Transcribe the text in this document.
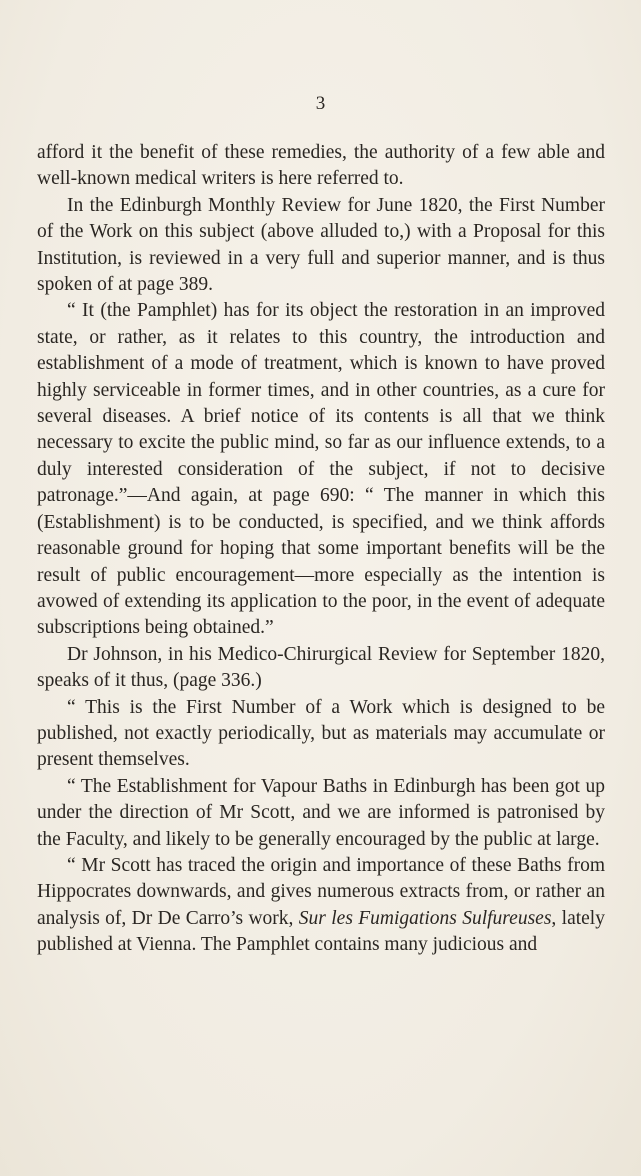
3

afford it the benefit of these remedies, the authority of a few able and well-known medical writers is here referred to.

In the Edinburgh Monthly Review for June 1820, the First Number of the Work on this subject (above alluded to,) with a Proposal for this Institution, is reviewed in a very full and superior manner, and is thus spoken of at page 389.

“ It (the Pamphlet) has for its object the restoration in an improved state, or rather, as it relates to this country, the introduction and establishment of a mode of treatment, which is known to have proved highly serviceable in former times, and in other countries, as a cure for several diseases. A brief notice of its contents is all that we think necessary to excite the public mind, so far as our influence extends, to a duly interested consideration of the subject, if not to decisive patronage.”—And again, at page 690: “ The manner in which this (Establishment) is to be conducted, is specified, and we think affords reasonable ground for hoping that some important benefits will be the result of public encouragement—more especially as the intention is avowed of extending its application to the poor, in the event of adequate subscriptions being obtained.”

Dr Johnson, in his Medico-Chirurgical Review for September 1820, speaks of it thus, (page 336.)

“ This is the First Number of a Work which is designed to be published, not exactly periodically, but as materials may accumulate or present themselves.

“ The Establishment for Vapour Baths in Edinburgh has been got up under the direction of Mr Scott, and we are informed is patronised by the Faculty, and likely to be generally encouraged by the public at large.

“ Mr Scott has traced the origin and importance of these Baths from Hippocrates downwards, and gives numerous extracts from, or rather an analysis of, Dr De Carro’s work, Sur les Fumigations Sulfureuses, lately published at Vienna. The Pamphlet contains many judicious and
